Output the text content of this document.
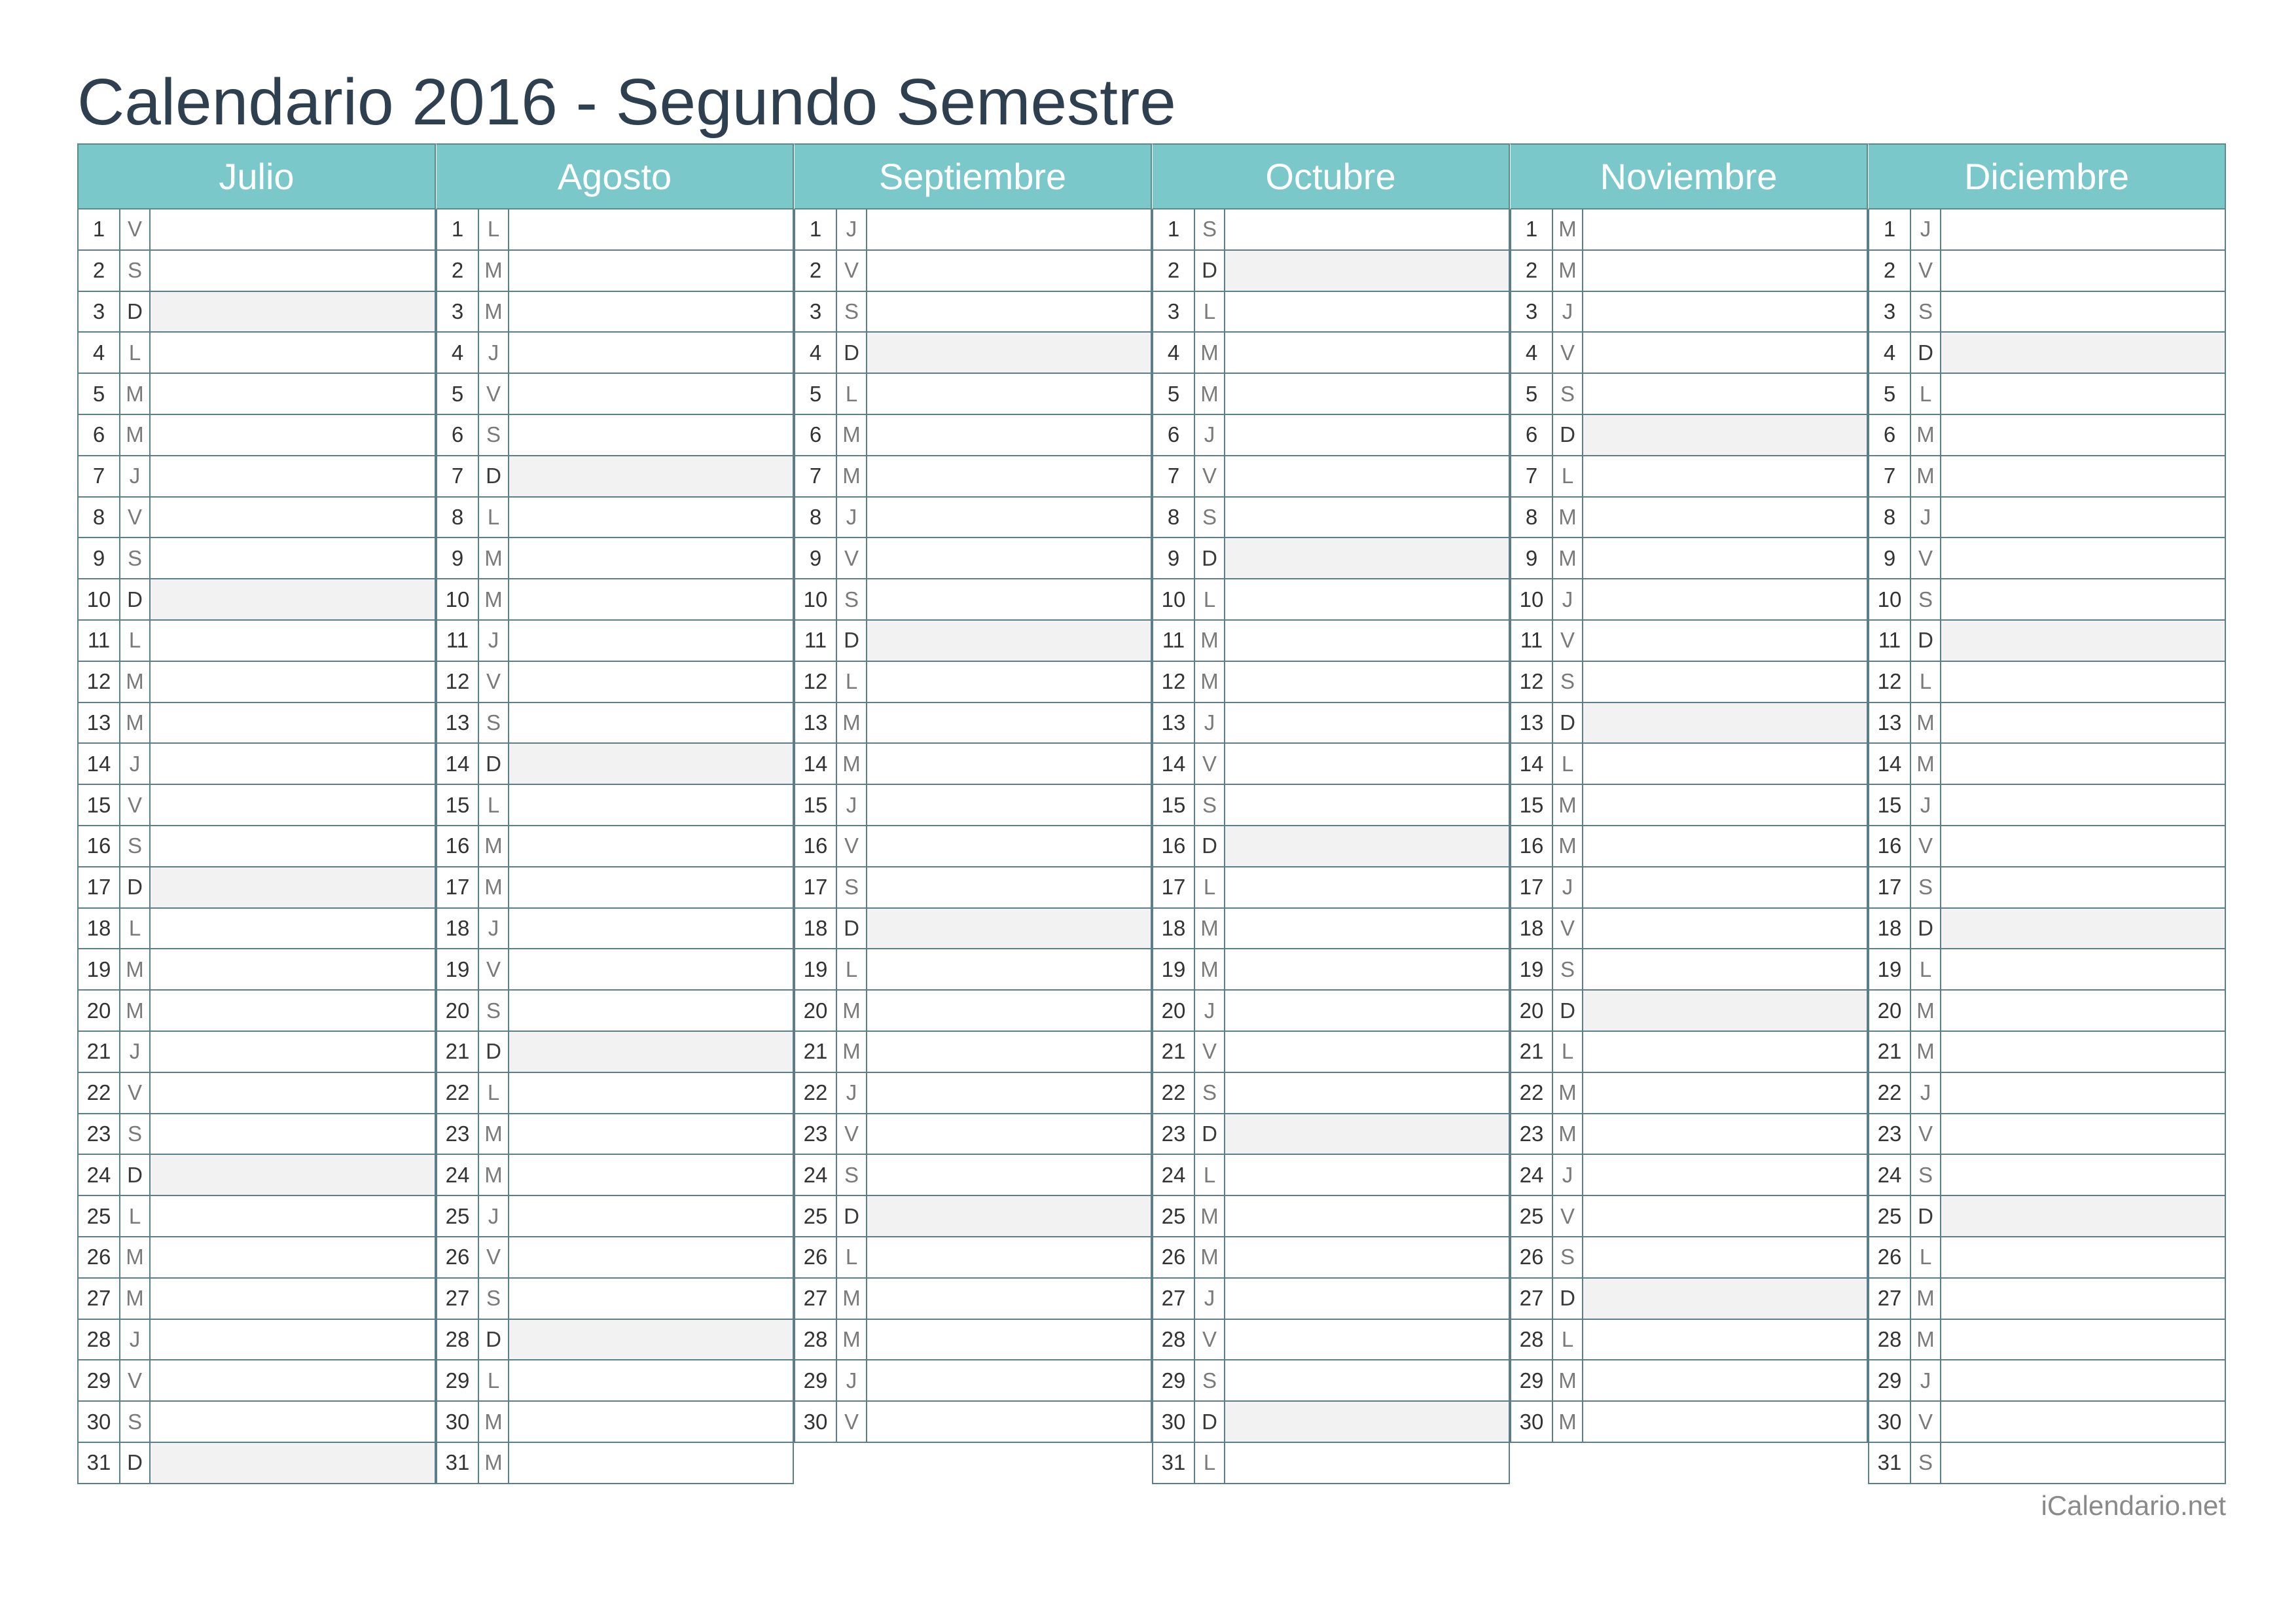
Calendario 2016 - Segundo Semestre
Julio
1	V
2	S
3	D
4	L
5 M
6 M
7	J
8	V
9	S
10 D
11 L
12 M
13 M
14 J
15 V
16 S
17 D
18 L
19 M
20 M
21 J
22 V
23 S
24 D
25 L
26 M
27 M
28 J
29 V
30 S
31 D
Agosto
1	L
2 M
3 M
4	J
5	V
6	S
7	D
8	L
9 M
10 M
11 J
12 V
13 S
14 D
15 L
16 M
17 M
18 J
19 V
20 S
21 D
22 L
23 M
24 M
25 J
26 V
27 S
28 D
29 L
30 M
31 M
Septiembre
1	J
2	V
3	S
4	D
5	L
6 M
7 M
8	J
9	V
10 S
11 D
12 L
13 M
14 M
15 J
16 V
17 S
18 D
19 L
20 M
21 M
22 J
23 V
24 S
25 D
26 L
27 M
28 M
29 J
30 V
Octubre
1	S
2	D
3	L
4 M
5 M
6	J
7	V
8	S
9	D
10 L
11 M
12 M
13 J
14 V
15 S
16 D
17 L
18 M
19 M
20 J
21 V
22 S
23 D
24 L
25 M
26 M
27 J
28 V
29 S
30 D
31 L
Noviembre
1 M
2 M
3	J
4	V
5	S
6	D
7	L
8 M
9 M
10 J
11 V
12 S
13 D
14 L
15 M
16 M
17 J
18 V
19 S
20 D
21 L
22 M
23 M
24 J
25 V
26 S
27 D
28 L
29 M
30 M
Diciembre
1	J
2	V
3	S
4	D
5	L
6 M
7 M
8	J
9	V
10 S
11 D
12 L
13 M
14 M
15 J
16 V
17 S
18 D
19 L
20 M
21 M
22 J
23 V
24 S
25 D
26 L
27 M
28 M
29 J
30 V
31 S
iCalendario.net
